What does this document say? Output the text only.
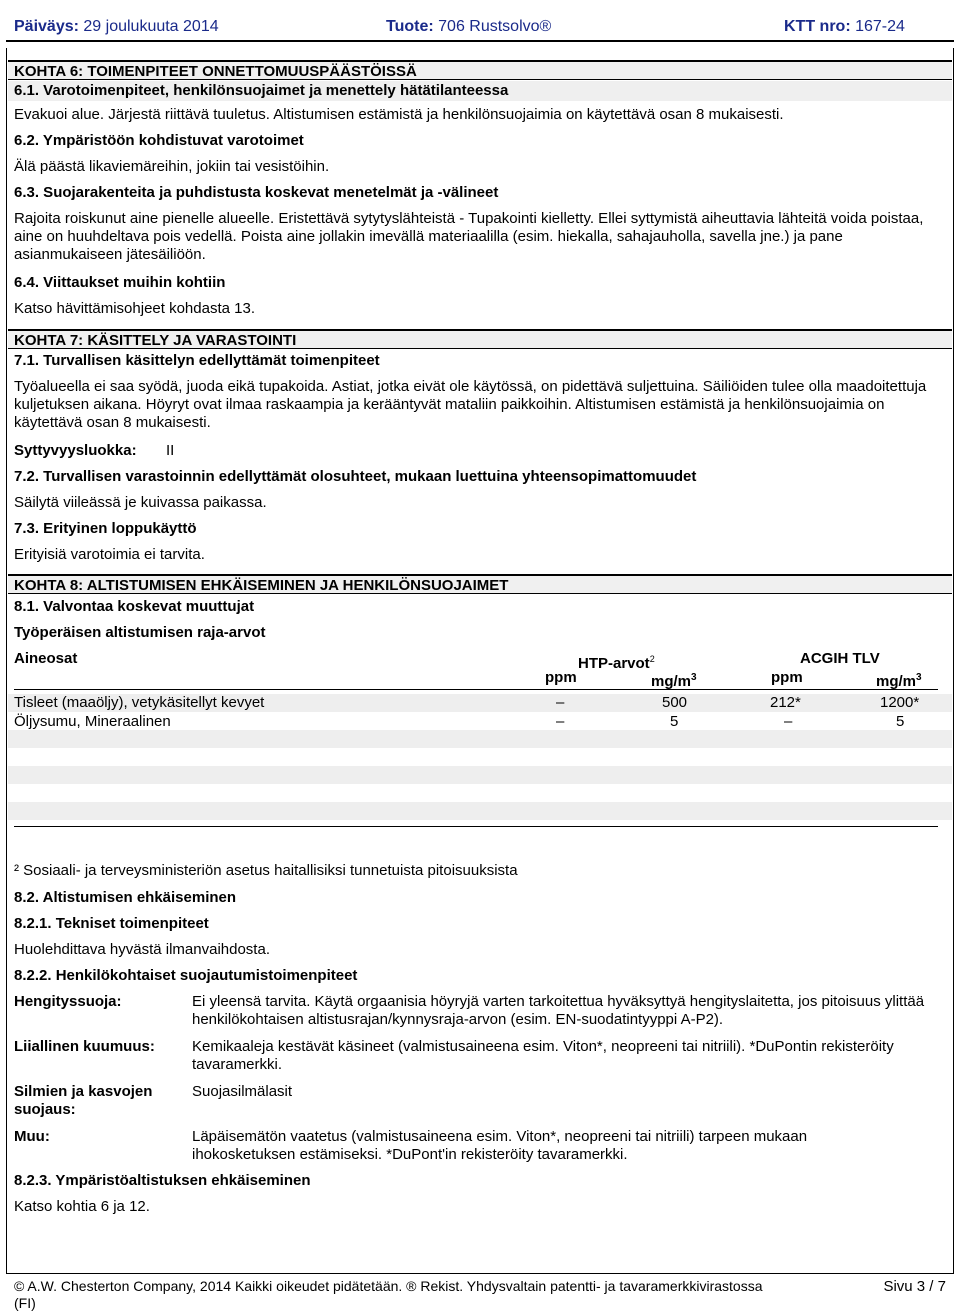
Päiväys: 29 joulukuuta 2014	Tuote: 706 Rustsolvo®	KTT nro: 167-24
KOHTA 6: TOIMENPITEET ONNETTOMUUSPÄÄSTÖISSÄ
6.1. Varotoimenpiteet, henkilönsuojaimet ja menettely hätätilanteessa
Evakuoi alue. Järjestä riittävä tuuletus. Altistumisen estämistä ja henkilönsuojaimia on käytettävä osan 8 mukaisesti.
6.2. Ympäristöön kohdistuvat varotoimet
Älä päästä likaviemäreihin, jokiin tai vesistöihin.
6.3. Suojarakenteita ja puhdistusta koskevat menetelmät ja -välineet
Rajoita roiskunut aine pienelle alueelle. Eristettävä sytytyslähteistä - Tupakointi kielletty. Ellei syttymistä aiheuttavia lähteitä voida poistaa, aine on huuhdeltava pois vedellä. Poista aine jollakin imevällä materiaalilla (esim. hiekalla, sahajauholla, savella jne.) ja pane asianmukaiseen jätesäiliöön.
6.4. Viittaukset muihin kohtiin
Katso hävittämisohjeet kohdasta 13.
KOHTA 7: KÄSITTELY JA VARASTOINTI
7.1. Turvallisen käsittelyn edellyttämät toimenpiteet
Työalueella ei saa syödä, juoda eikä tupakoida. Astiat, jotka eivät ole käytössä, on pidettävä suljettuina. Säiliöiden tulee olla maadoitettuja kuljetuksen aikana. Höyryt ovat ilmaa raskaampia ja kerääntyvät mataliin paikkoihin. Altistumisen estämistä ja henkilönsuojaimia on käytettävä osan 8 mukaisesti.
Syttyvyysluokka: II
7.2. Turvallisen varastoinnin edellyttämät olosuhteet, mukaan luettuina yhteensopimattomuudet
Säilytä viileässä je kuivassa paikassa.
7.3. Erityinen loppukäyttö
Erityisiä varotoimia ei tarvita.
KOHTA 8: ALTISTUMISEN EHKÄISEMINEN JA HENKILÖNSUOJAIMET
8.1. Valvontaa koskevat muuttujat
Työperäisen altistumisen raja-arvot
Aineosat	HTP-arvot$^2$	ACGIH TLV
ppm	$mg/m^3$	ppm	$mg/m^3$
Tisleet (maaöljy), vetykäsitellyt kevyet	–	500	212*	1200*
Öljysumu, Mineraalinen	–	5	–	5
² Sosiaali- ja terveysministeriön asetus haitallisiksi tunnetuista pitoisuuksista
8.2. Altistumisen ehkäiseminen
8.2.1. Tekniset toimenpiteet
Huolehdittava hyvästä ilmanvaihdosta.
8.2.2. Henkilökohtaiset suojautumistoimenpiteet
Hengityssuoja:	Ei yleensä tarvita. Käytä orgaanisia höyryjä varten tarkoitettua hyväksyttyä hengityslaitetta, jos pitoisuus ylittää henkilökohtaisen altistusrajan/kynnysraja-arvon (esim. EN-suodatintyyppi A-P2).
Liiallinen kuumuus: Kemikaaleja kestävät käsineet (valmistusaineena esim. Viton*, neopreeni tai nitriili). *DuPontin rekisteröity tavaramerkki.
Silmien ja kasvojen suojaus:
Suojasilmälasit
Muu:	Läpäisemätön vaatetus (valmistusaineena esim. Viton*, neopreeni tai nitriili) tarpeen mukaan ihokosketuksen estämiseksi. *DuPont'in rekisteröity tavaramerkki.
8.2.3. Ympäristöaltistuksen ehkäiseminen
Katso kohtia 6 ja 12.
© A.W. Chesterton Company, 2014 Kaikki oikeudet pidätetään. ® Rekist. Yhdysvaltain patentti- ja tavaramerkkivirastossa
(FI)
Sivu 3 / 7
